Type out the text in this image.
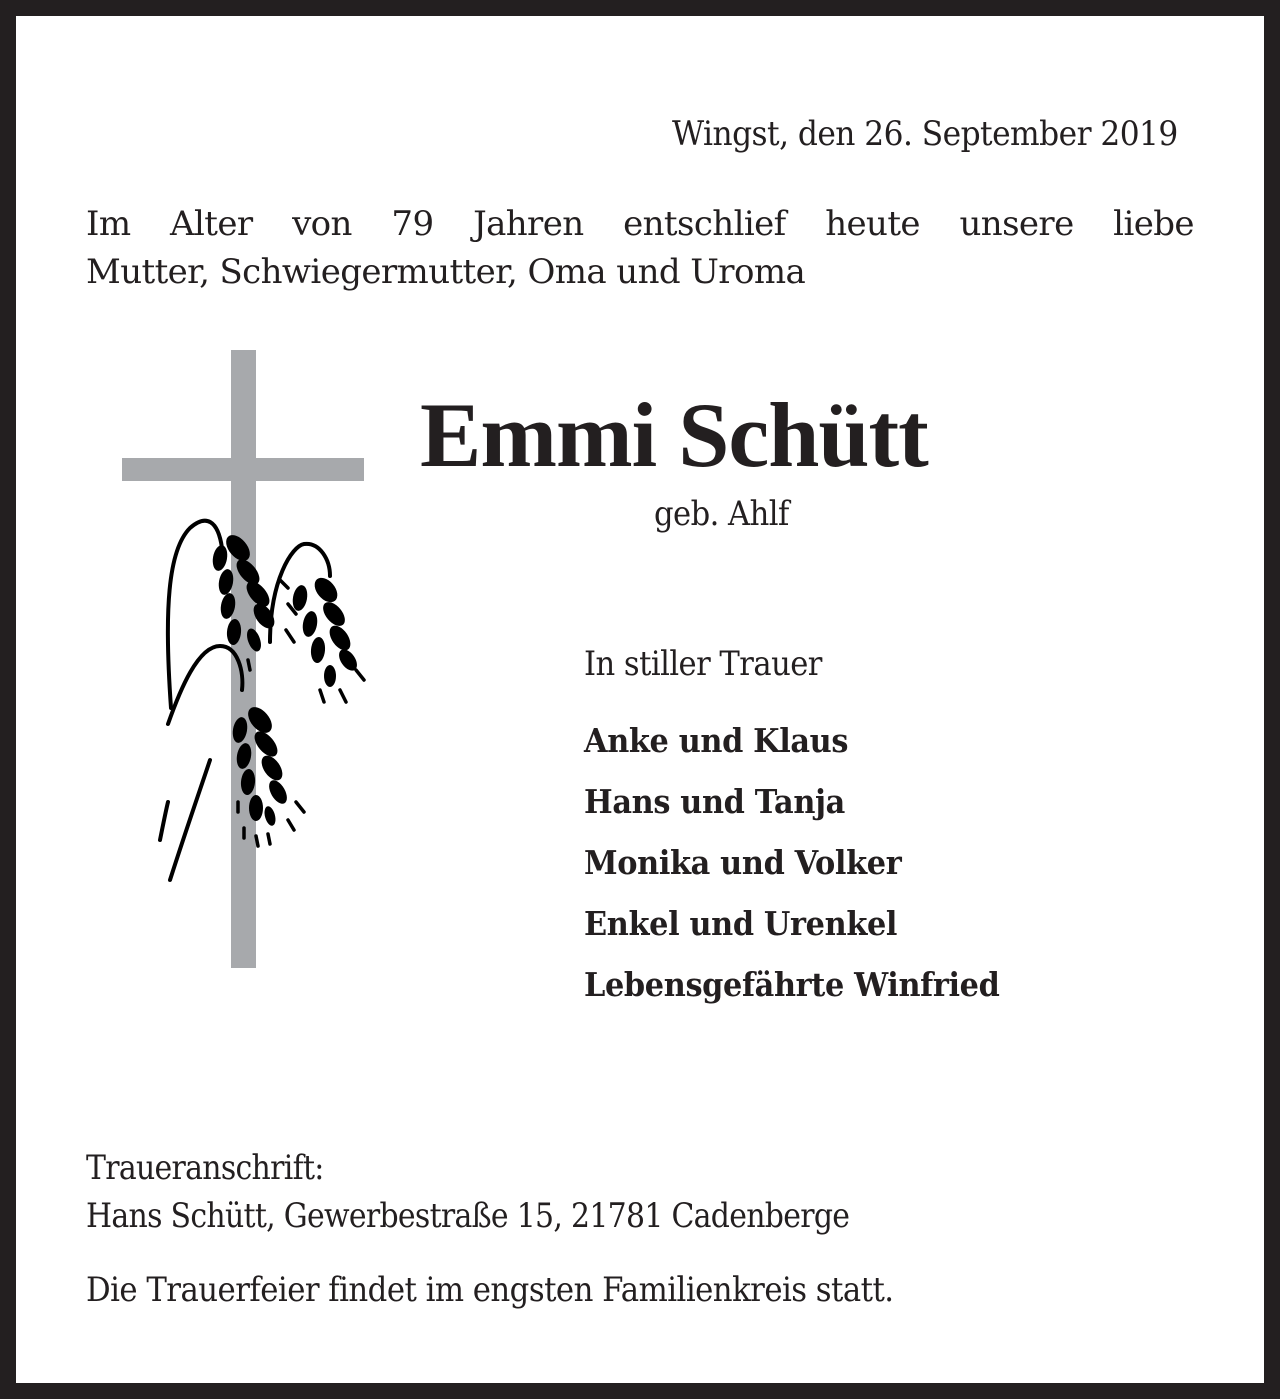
Wingst, den 26. September 2019
Im Alter von 79 Jahren entschlief heute unsere liebe
Mutter, Schwiegermutter, Oma und Uroma
Emmi Schütt
geb. Ahlf
In stiller Trauer
Anke und Klaus
Hans und Tanja
Monika und Volker
Enkel und Urenkel
Lebensgefährte Winfried
Traueranschrift:
Hans Schütt, Gewerbestraße 15, 21781 Cadenberge
Die Trauerfeier findet im engsten Familienkreis statt.
